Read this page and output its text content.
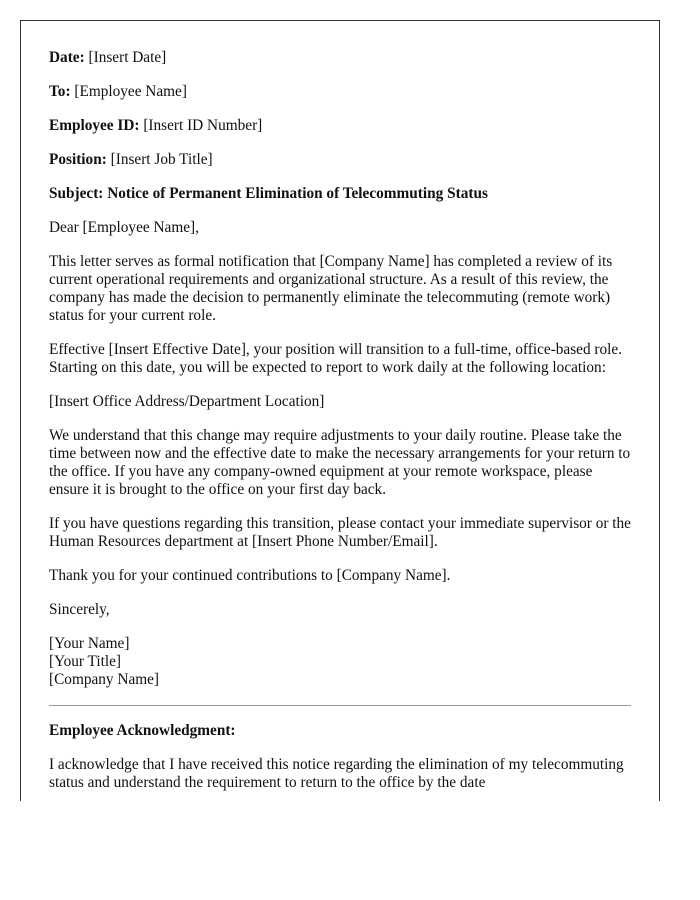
Date: [Insert Date]

To: [Employee Name]

Employee ID: [Insert ID Number]

Position: [Insert Job Title]

Subject: Notice of Permanent Elimination of Telecommuting Status

Dear [Employee Name],

This letter serves as formal notification that [Company Name] has completed a review of its current operational requirements and organizational structure. As a result of this review, the company has made the decision to permanently eliminate the telecommuting (remote work) status for your current role.

Effective [Insert Effective Date], your position will transition to a full-time, office-based role. Starting on this date, you will be expected to report to work daily at the following location:

[Insert Office Address/Department Location]

We understand that this change may require adjustments to your daily routine. Please take the time between now and the effective date to make the necessary arrangements for your return to the office. If you have any company-owned equipment at your remote workspace, please ensure it is brought to the office on your first day back.

If you have questions regarding this transition, please contact your immediate supervisor or the Human Resources department at [Insert Phone Number/Email].

Thank you for your continued contributions to [Company Name].

Sincerely,

[Your Name]
[Your Title]
[Company Name]

Employee Acknowledgment:

I acknowledge that I have received this notice regarding the elimination of my telecommuting status and understand the requirement to return to the office by the date
